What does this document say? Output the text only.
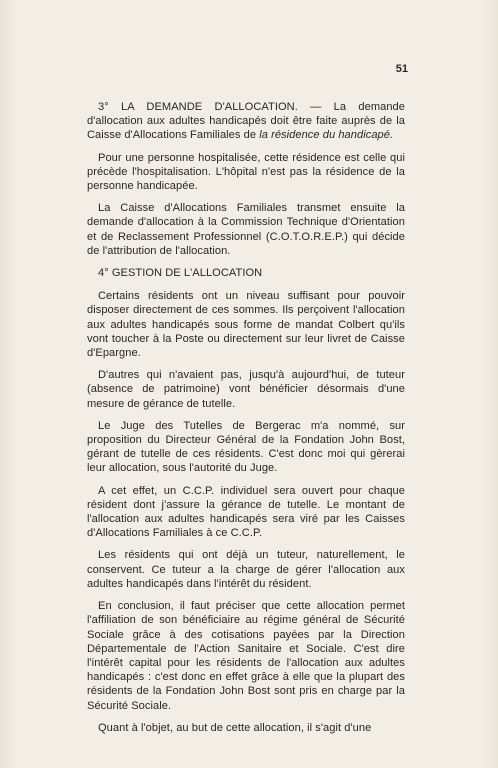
51

3° LA DEMANDE D'ALLOCATION. — La demande d'allocation aux adultes handicapés doit être faite auprès de la Caisse d'Allocations Familiales de la résidence du handicapé.

Pour une personne hospitalisée, cette résidence est celle qui précède l'hospitalisation. L'hôpital n'est pas la résidence de la personne handicapée.

La Caisse d'Allocations Familiales transmet ensuite la demande d'allocation à la Commission Technique d'Orientation et de Reclassement Professionnel (C.O.T.O.R.E.P.) qui décide de l'attribution de l'allocation.

4° GESTION DE L'ALLOCATION

Certains résidents ont un niveau suffisant pour pouvoir disposer directement de ces sommes. Ils perçoivent l'allocation aux adultes handicapés sous forme de mandat Colbert qu'ils vont toucher à la Poste ou directement sur leur livret de Caisse d'Epargne.

D'autres qui n'avaient pas, jusqu'à aujourd'hui, de tuteur (absence de patrimoine) vont bénéficier désormais d'une mesure de gérance de tutelle.

Le Juge des Tutelles de Bergerac m'a nommé, sur proposition du Directeur Général de la Fondation John Bost, gérant de tutelle de ces résidents. C'est donc moi qui gèrerai leur allocation, sous l'autorité du Juge.

A cet effet, un C.C.P. individuel sera ouvert pour chaque résident dont j'assure la gérance de tutelle. Le montant de l'allocation aux adultes handicapés sera viré par les Caisses d'Allocations Familiales à ce C.C.P.

Les résidents qui ont déjà un tuteur, naturellement, le conservent. Ce tuteur a la charge de gérer l'allocation aux adultes handicapés dans l'intérêt du résident.

En conclusion, il faut préciser que cette allocation permet l'affiliation de son bénéficiaire au régime général de Sécurité Sociale grâce à des cotisations payées par la Direction Départementale de l'Action Sanitaire et Sociale. C'est dire l'intérêt capital pour les résidents de l'allocation aux adultes handicapés : c'est donc en effet grâce à elle que la plupart des résidents de la Fondation John Bost sont pris en charge par la Sécurité Sociale.

Quant à l'objet, au but de cette allocation, il s'agit d'une
